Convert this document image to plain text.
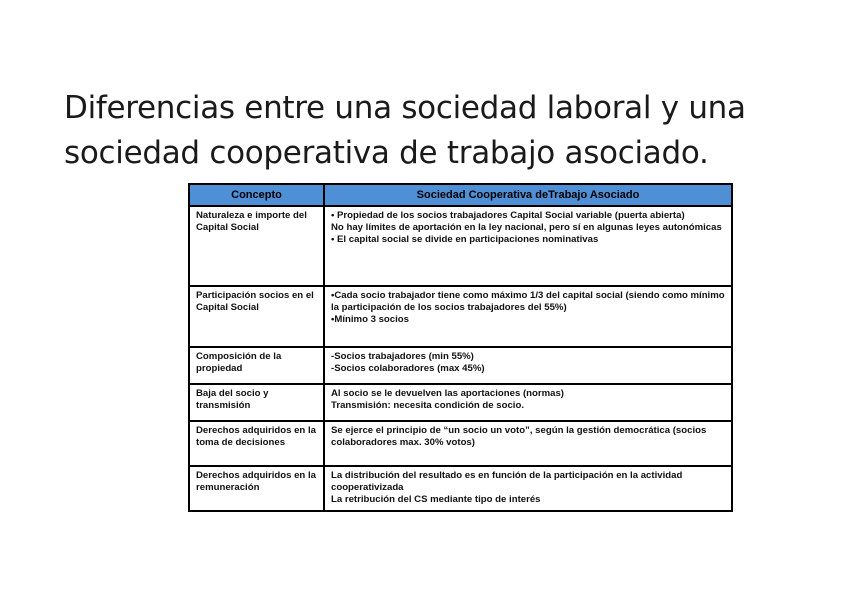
Diferencias entre una sociedad laboral y una sociedad cooperativa de trabajo asociado.
Concepto	Sociedad Cooperativa deTrabajo Asociado
Naturaleza e importe del Capital Social	• Propiedad de los socios trabajadores Capital Social variable (puerta abierta)
No hay límites de aportación en la ley nacional, pero sí en algunas leyes autonómicas
• El capital social se divide en participaciones nominativas

Participación socios en el Capital Social	•Cada socio trabajador tiene como máximo 1/3 del capital social (siendo como mínimo la participación de los socios trabajadores del 55%)
•Mínimo 3 socios

Composición de la propiedad	-Socios trabajadores (min 55%)
-Socios colaboradores (max 45%)

Baja del socio y transmisión	Al socio se le devuelven las aportaciones (normas)
Transmisión: necesita condición de socio.

Derechos adquiridos en la toma de decisiones	Se ejerce el principio de “un socio un voto”, según la gestión democrática (socios colaboradores max. 30% votos)

Derechos adquiridos en la remuneración	La distribución del resultado es en función de la participación en la actividad cooperativizada
La retribución del CS mediante tipo de interés
